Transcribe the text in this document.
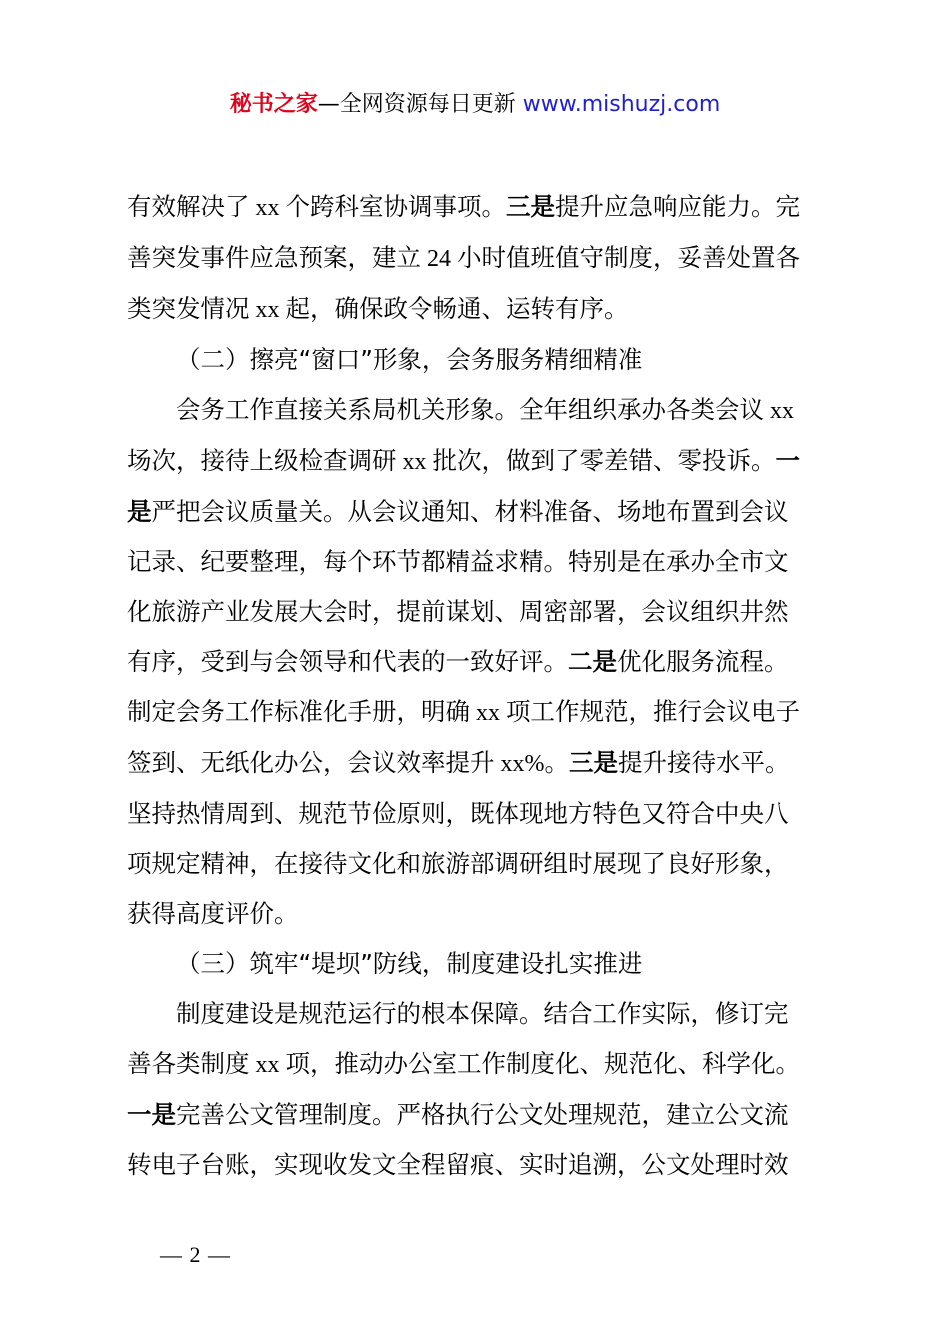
秘书之家—全网资源每日更新 www.mishuzj.com

有效解决了 xx 个跨科室协调事项。三是提升应急响应能力。完

善突发事件应急预案，建立 24 小时值班值守制度，妥善处置各

类突发情况 xx 起，确保政令畅通、运转有序。

（二）擦亮“窗口”形象，会务服务精细精准

会务工作直接关系局机关形象。全年组织承办各类会议 xx

场次，接待上级检查调研 xx 批次，做到了零差错、零投诉。一

是严把会议质量关。从会议通知、材料准备、场地布置到会议

记录、纪要整理，每个环节都精益求精。特别是在承办全市文

化旅游产业发展大会时，提前谋划、周密部署，会议组织井然

有序，受到与会领导和代表的一致好评。二是优化服务流程。

制定会务工作标准化手册，明确 xx 项工作规范，推行会议电子

签到、无纸化办公，会议效率提升 xx%。三是提升接待水平。

坚持热情周到、规范节俭原则，既体现地方特色又符合中央八

项规定精神，在接待文化和旅游部调研组时展现了良好形象，

获得高度评价。

（三）筑牢“堤坝”防线，制度建设扎实推进

制度建设是规范运行的根本保障。结合工作实际，修订完

善各类制度 xx 项，推动办公室工作制度化、规范化、科学化。

一是完善公文管理制度。严格执行公文处理规范，建立公文流

转电子台账，实现收发文全程留痕、实时追溯，公文处理时效

— 2 —
